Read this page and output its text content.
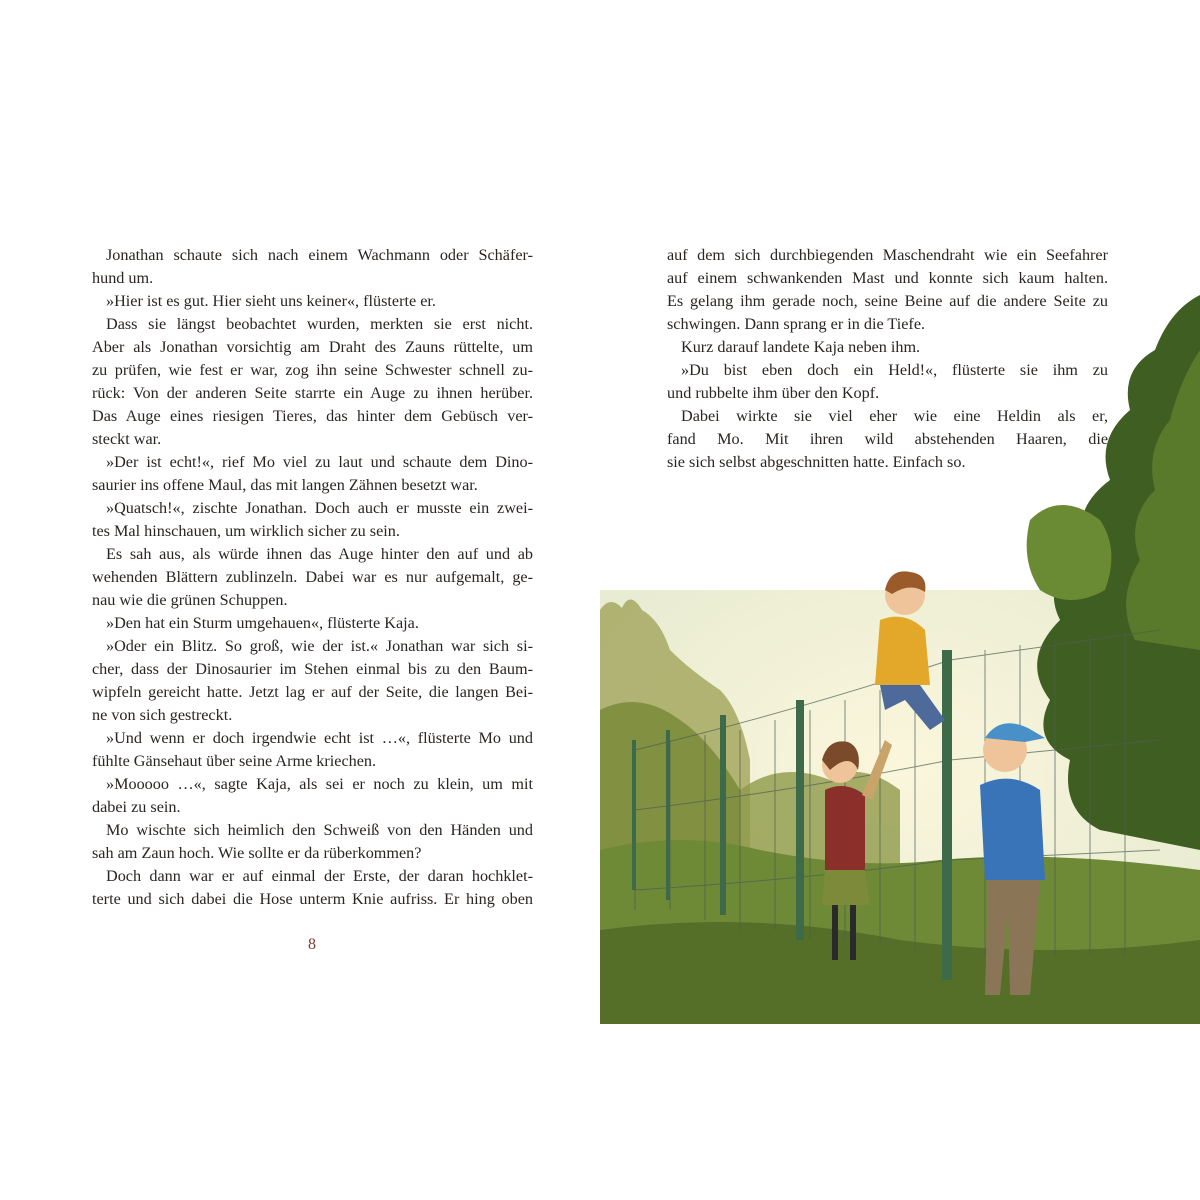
Jonathan schaute sich nach einem Wachmann oder Schäfer-
hund um.
»Hier ist es gut. Hier sieht uns keiner«, flüsterte er.
Dass sie längst beobachtet wurden, merkten sie erst nicht.
Aber als Jonathan vorsichtig am Draht des Zauns rüttelte, um
zu prüfen, wie fest er war, zog ihn seine Schwester schnell zu-
rück: Von der anderen Seite starrte ein Auge zu ihnen herüber.
Das Auge eines riesigen Tieres, das hinter dem Gebüsch ver-
steckt war.
»Der ist echt!«, rief Mo viel zu laut und schaute dem Dino-
saurier ins offene Maul, das mit langen Zähnen besetzt war.
»Quatsch!«, zischte Jonathan. Doch auch er musste ein zwei-
tes Mal hinschauen, um wirklich sicher zu sein.
Es sah aus, als würde ihnen das Auge hinter den auf und ab
wehenden Blättern zublinzeln. Dabei war es nur aufgemalt, ge-
nau wie die grünen Schuppen.
»Den hat ein Sturm umgehauen«, flüsterte Kaja.
»Oder ein Blitz. So groß, wie der ist.« Jonathan war sich si-
cher, dass der Dinosaurier im Stehen einmal bis zu den Baum-
wipfeln gereicht hatte. Jetzt lag er auf der Seite, die langen Bei-
ne von sich gestreckt.
»Und wenn er doch irgendwie echt ist …«, flüsterte Mo und
fühlte Gänsehaut über seine Arme kriechen.
»Mooooo …«, sagte Kaja, als sei er noch zu klein, um mit
dabei zu sein.
Mo wischte sich heimlich den Schweiß von den Händen und
sah am Zaun hoch. Wie sollte er da rüberkommen?
Doch dann war er auf einmal der Erste, der daran hochklet-
terte und sich dabei die Hose unterm Knie aufriss. Er hing oben
8
auf dem sich durchbiegenden Maschendraht wie ein Seefahrer
auf einem schwankenden Mast und konnte sich kaum halten.
Es gelang ihm gerade noch, seine Beine auf die andere Seite zu
schwingen. Dann sprang er in die Tiefe.
Kurz darauf landete Kaja neben ihm.
»Du bist eben doch ein Held!«, flüsterte sie ihm zu
und rubbelte ihm über den Kopf.
Dabei wirkte sie viel eher wie eine Heldin als er,
fand Mo. Mit ihren wild abstehenden Haaren, die
sie sich selbst abgeschnitten hatte. Einfach so.
